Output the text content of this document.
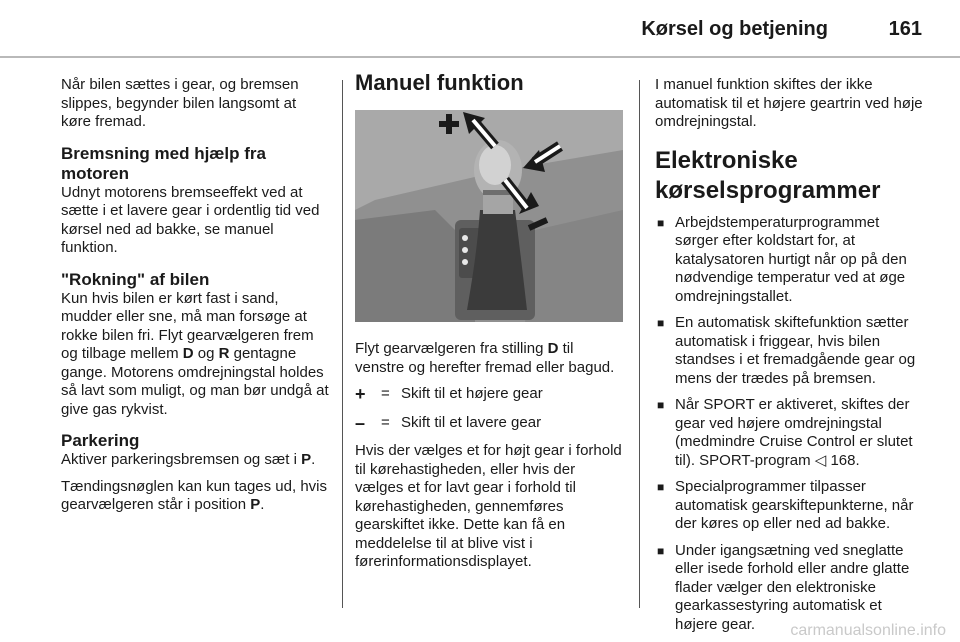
Kørsel og betjening	161

Når bilen sættes i gear, og bremsen slippes, begynder bilen langsomt at køre fremad.

Bremsning med hjælp fra motoren

Udnyt motorens bremseeffekt ved at sætte i et lavere gear i ordentlig tid ved kørsel ned ad bakke, se manuel funktion.

"Rokning" af bilen

Kun hvis bilen er kørt fast i sand, mudder eller sne, må man forsøge at rokke bilen fri. Flyt gearvælgeren frem og tilbage mellem D og R gentagne gange. Motorens omdrejningstal holdes så lavt som muligt, og man bør undgå at give gas rykvist.

Parkering

Aktiver parkeringsbremsen og sæt i P.

Tændingsnøglen kan kun tages ud, hvis gearvælgeren står i position P.

Manuel funktion

Flyt gearvælgeren fra stilling D til venstre og herefter fremad eller bagud.

+	= Skift til et højere gear
–	= Skift til et lavere gear

Hvis der vælges et for højt gear i forhold til kørehastigheden, eller hvis der vælges et for lavt gear i forhold til kørehastigheden, gennemføres gearskiftet ikke. Dette kan få en meddelelse til at blive vist i førerinformationsdisplayet.

I manuel funktion skiftes der ikke automatisk til et højere geartrin ved høje omdrejningstal.

Elektroniske kørselsprogrammer
■ Arbejdstemperaturprogrammet sørger efter koldstart for, at katalysatoren hurtigt når op på den nødvendige temperatur ved at øge omdrejningstallet.
■ En automatisk skiftefunktion sætter automatisk i friggear, hvis bilen standses i et fremadgående gear og mens der trædes på bremsen.
■ Når SPORT er aktiveret, skiftes der gear ved højere omdrejningstal (medmindre Cruise Control er slutet til). SPORT-program ◁ 168.
■ Specialprogrammer tilpasser automatisk gearskiftepunkterne, når der køres op eller ned ad bakke.
■ Under igangsætning ved sneglatte eller isede forhold eller andre glatte flader vælger den elektroniske gearkassestyring automatisk et højere gear.	carmanualsonline.info
